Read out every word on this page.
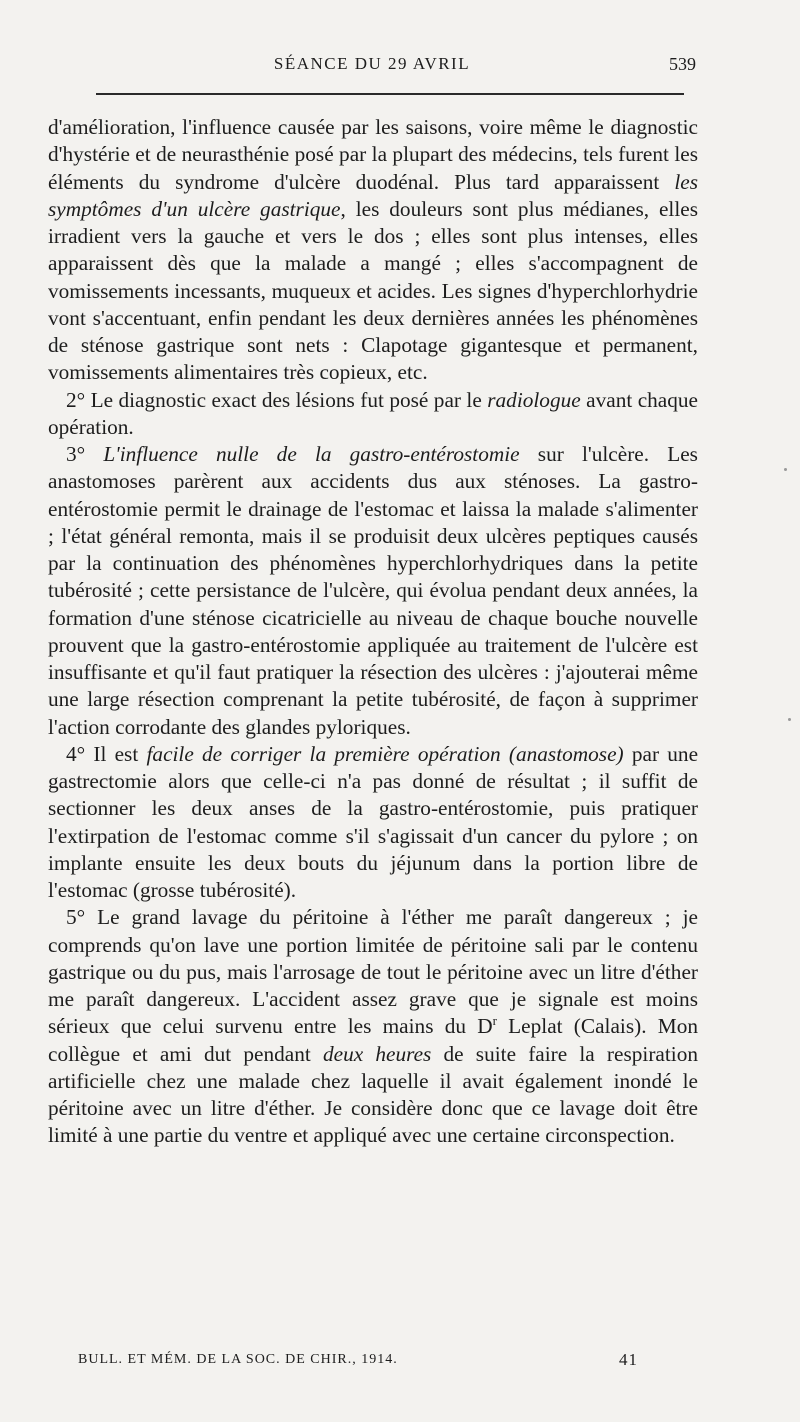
SÉANCE DU 29 AVRIL	539

d'amélioration, l'influence causée par les saisons, voire même le diagnostic d'hystérie et de neurasthénie posé par la plupart des médecins, tels furent les éléments du syndrome d'ulcère duodénal. Plus tard apparaissent les symptômes d'un ulcère gastrique, les douleurs sont plus médianes, elles irradient vers la gauche et vers le dos ; elles sont plus intenses, elles apparaissent dès que la malade a mangé ; elles s'accompagnent de vomissements incessants, muqueux et acides. Les signes d'hyperchlorhydrie vont s'accentuant, enfin pendant les deux dernières années les phénomènes de sténose gastrique sont nets : Clapotage gigantesque et permanent, vomissements alimentaires très copieux, etc.

2° Le diagnostic exact des lésions fut posé par le radiologue avant chaque opération.

3° L'influence nulle de la gastro-entérostomie sur l'ulcère. Les anastomoses parèrent aux accidents dus aux sténoses. La gastro-entérostomie permit le drainage de l'estomac et laissa la malade s'alimenter ; l'état général remonta, mais il se produisit deux ulcères peptiques causés par la continuation des phénomènes hyperchlorhydriques dans la petite tubérosité ; cette persistance de l'ulcère, qui évolua pendant deux années, la formation d'une sténose cicatricielle au niveau de chaque bouche nouvelle prouvent que la gastro-entérostomie appliquée au traitement de l'ulcère est insuffisante et qu'il faut pratiquer la résection des ulcères : j'ajouterai même une large résection comprenant la petite tubérosité, de façon à supprimer l'action corrodante des glandes pyloriques.

4° Il est facile de corriger la première opération (anastomose) par une gastrectomie alors que celle-ci n'a pas donné de résultat ; il suffit de sectionner les deux anses de la gastro-entérostomie, puis pratiquer l'extirpation de l'estomac comme s'il s'agissait d'un cancer du pylore ; on implante ensuite les deux bouts du jéjunum dans la portion libre de l'estomac (grosse tubérosité).

5° Le grand lavage du péritoine à l'éther me paraît dangereux ; je comprends qu'on lave une portion limitée de péritoine sali par le contenu gastrique ou du pus, mais l'arrosage de tout le péritoine avec un litre d'éther me paraît dangereux. L'accident assez grave que je signale est moins sérieux que celui survenu entre les mains du $D^r$ Leplat (Calais). Mon collègue et ami dut pendant deux heures de suite faire la respiration artificielle chez une malade chez laquelle il avait également inondé le péritoine avec un litre d'éther. Je considère donc que ce lavage doit être limité à une partie du ventre et appliqué avec une certaine circonspection.

BULL. ET MÉM. DE LA SOC. DE CHIR., 1914.	41
